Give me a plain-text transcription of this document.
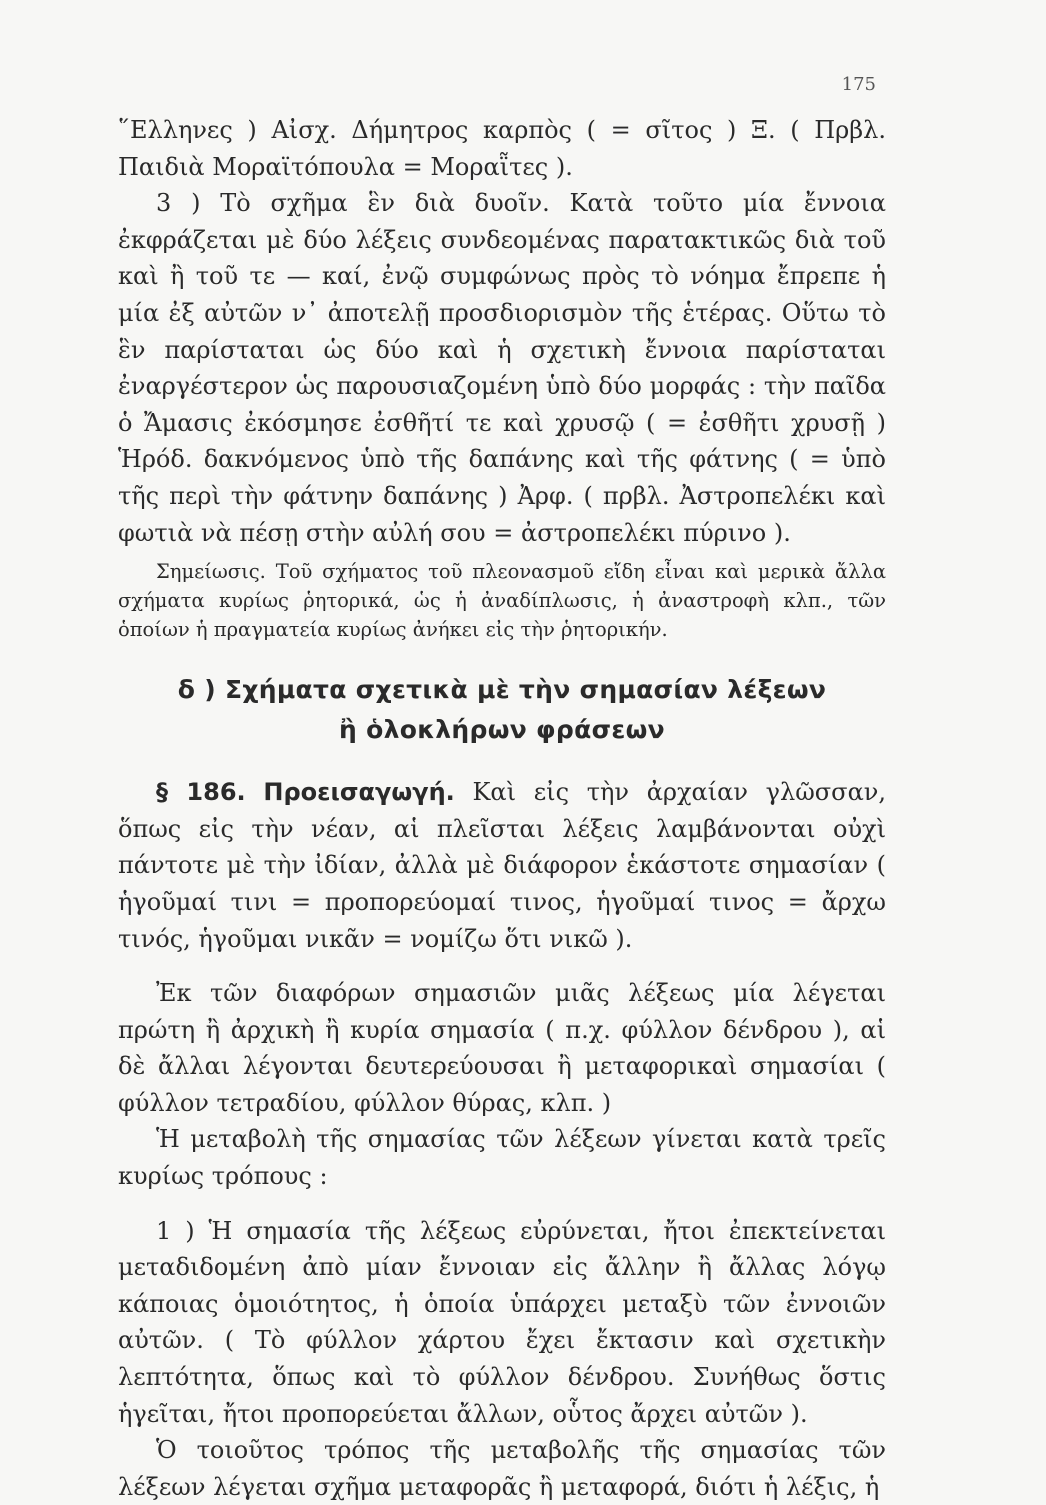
175

῞Ελληνες ) Αἰσχ. Δήμητρος καρπὸς ( = σῖτος ) Ξ. ( Πρβλ. Παιδιὰ Μοραϊτόπουλα = Μοραῗτες ).

3 ) Τὸ σχῆμα ἓν διὰ δυοῖν. Κατὰ τοῦτο μία ἔννοια ἐκφράζεται μὲ δύο λέξεις συνδεομένας παρατακτικῶς διὰ τοῦ καὶ ἢ τοῦ τε — καί, ἐνῷ συμφώνως πρὸς τὸ νόημα ἔπρεπε ἡ μία ἐξ αὐτῶν ν᾽ ἀποτελῇ προσδιορισμὸν τῆς ἑτέρας. Οὕτω τὸ ἓν παρίσταται ὡς δύο καὶ ἡ σχετικὴ ἔννοια παρίσταται ἐναργέστερον ὡς παρουσιαζομένη ὑπὸ δύο μορφάς : τὴν παῖδα ὁ Ἄμασις ἐκόσμησε ἐσθῆτί τε καὶ χρυσῷ ( = ἐσθῆτι χρυσῇ ) Ἡρόδ. δακνόμενος ὑπὸ τῆς δαπάνης καὶ τῆς φάτνης ( = ὑπὸ τῆς περὶ τὴν φάτνην δαπάνης ) Ἀρφ. ( πρβλ. Ἀστροπελέκι καὶ φωτιὰ νὰ πέσῃ στὴν αὐλή σου = ἀστροπελέκι πύρινο ).

Σημείωσις. Τοῦ σχήματος τοῦ πλεονασμοῦ εἴδη εἶναι καὶ μερικὰ ἄλλα σχήματα κυρίως ῥητορικά, ὡς ἡ ἀναδίπλωσις, ἡ ἀναστροφὴ κλπ., τῶν ὁποίων ἡ πραγματεία κυρίως ἀνήκει εἰς τὴν ῥητορικήν.

δ ) Σχήματα σχετικὰ μὲ τὴν σημασίαν λέξεων
ἢ ὁλοκλήρων φράσεων

§ 186. Προεισαγωγή. Καὶ εἰς τὴν ἀρχαίαν γλῶσσαν, ὅπως εἰς τὴν νέαν, αἱ πλεῖσται λέξεις λαμβάνονται οὐχὶ πάντοτε μὲ τὴν ἰδίαν, ἀλλὰ μὲ διάφορον ἑκάστοτε σημασίαν ( ἡγοῦμαί τινι = προπορεύομαί τινος, ἡγοῦμαί τινος = ἄρχω τινός, ἡγοῦμαι νικᾶν = νομίζω ὅτι νικῶ ).

Ἐκ τῶν διαφόρων σημασιῶν μιᾶς λέξεως μία λέγεται πρώτη ἢ ἀρχικὴ ἢ κυρία σημασία ( π.χ. φύλλον δένδρου ), αἱ δὲ ἄλλαι λέγονται δευτερεύουσαι ἢ μεταφορικαὶ σημασίαι ( φύλλον τετραδίου, φύλλον θύρας, κλπ. )

Ἡ μεταβολὴ τῆς σημασίας τῶν λέξεων γίνεται κατὰ τρεῖς κυρίως τρόπους :

1 ) Ἡ σημασία τῆς λέξεως εὐρύνεται, ἤτοι ἐπεκτείνεται μεταδιδομένη ἀπὸ μίαν ἔννοιαν εἰς ἄλλην ἢ ἄλλας λόγῳ κάποιας ὁμοιότητος, ἡ ὁποία ὑπάρχει μεταξὺ τῶν ἐννοιῶν αὐτῶν. ( Τὸ φύλλον χάρτου ἔχει ἔκτασιν καὶ σχετικὴν λεπτότητα, ὅπως καὶ τὸ φύλλον δένδρου. Συνήθως ὅστις ἡγεῖται, ἤτοι προπορεύεται ἄλλων, οὗτος ἄρχει αὐτῶν ).

Ὁ τοιοῦτος τρόπος τῆς μεταβολῆς τῆς σημασίας τῶν λέξεων λέγεται σχῆμα μεταφορᾶς ἢ μεταφορά, διότι ἡ λέξις, ἡ
